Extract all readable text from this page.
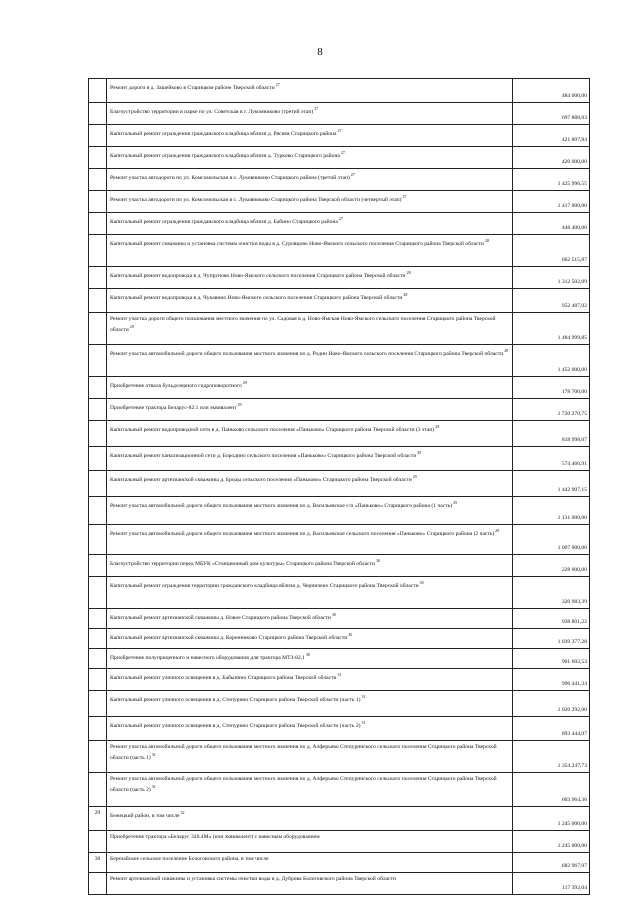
8
	Ремонт дороги в д. Зашейково в Старицком районе Тверской области$^{27}$	484 000,00
	Благоустройство территории в парке по ул. Советская в г. Лукомниково (третий этап)$^{27}$	697 888,03
	Капитальный ремонт ограждения гражданского кладбища вблизи д. Ряснея Старицкого района$^{27}$	421 807,84
	Капитальный ремонт ограждения гражданского кладбища вблизи д. Турково Старицкого района$^{27}$	420 000,00
	Ремонт участка автодороги по ул. Комсомольская в с. Луковниково Старицкого района (третий этап)$^{27}$	1 425 996,55
	Ремонт участка автодороги по ул. Комсомольская в с. Луковниково Старицкого района Тверской области (четвертый этап)$^{27}$	1 417 000,00
	Капитальный ремонт ограждения гражданского кладбища вблизи д. Бабино Старицкого района$^{27}$	448 400,00
	Капитальный ремонт скважины и установка системы очистки воды в д. Суровцово Ново-Ямского сельского поселения Старицкого района Тверской области$^{28}$	662 515,87
	Капитальный ремонт водопровода в д. Чупруново Ново-Ямского сельского поселения Старицкого района Тверской области$^{28}$	1 312 502,09
	Капитальный ремонт водопровода в д. Чукавино Ново-Ямского сельского поселения Старицкого района Тверской области$^{28}$	952 487,02
	Ремонт участка дороги общего пользования местного значения по ул. Садовая в д. Ново-Ямская Ново-Ямского сельского поселения Старицкого района Тверской области$^{28}$	1 484 999,85
	Ремонт участка автомобильной дороги общего пользования местного значения по д. Родни Ново-Ямского сельского поселения Старицкого района Тверской области$^{28}$	1 452 000,00
	Приобретение отвала бульдозерного гидроповоротного$^{29}$	178 700,00
	Приобретение трактора Беларус-82.1 или эквивалент$^{29}$	1 720 270,75
	Капитальный ремонт водопроводной сети в д. Паньково сельского поселения «Паньково» Старицкого района Тверской области (3 этап)$^{29}$	818 998,07
	Капитальный ремонт канализационной сети д. Бородино сельского поселения «Паньково» Старицкого района Тверской области$^{29}$	574 460,91
	Капитальный ремонт артезианской скважины д. Броды сельского поселения «Паньково» Старицкого района Тверской области$^{29}$	1 442 907,15
	Ремонт участка автомобильной дороги общего пользования местного значения по д. Васильевское с/п «Паньково» Старицкого района (1 часть)$^{29}$	1 131 000,00
	Ремонт участка автомобильной дороги общего пользования местного значения по д. Васильевское сельского поселения «Паньково» Старицкого района (2 часть)$^{29}$	1 007 000,00
	Благоустройство территории перед МБУК «Станционный дом культуры» Старицкого района Тверской области$^{30}$	228 000,00
	Капитальный ремонт ограждения территории гражданского кладбища вблизи д. Черничено Старицкого района Тверской области$^{30}$	320 983,39
	Капитальный ремонт артезианской скважины д. Новое Старицкого района Тверской области$^{30}$	938 801,22
	Капитальный ремонт артезианской скважины д. Коренниково Старицкого района Тверской области$^{30}$	1 039 377,28
	Приобретение полуприцепного и навесного оборудования для трактора МТЗ-82.1$^{30}$	901 602,53
	Капитальный ремонт уличного освещения в д. Бабынино Старицкого района Тверской области$^{31}$	996 441,34
	Капитальный ремонт уличного освещения в д. Степурино Старицкого района Тверской области (часть 1)$^{31}$	1 020 292,00
	Капитальный ремонт уличного освещения в д. Степурино Старицкого района Тверской области (часть 2)$^{31}$	893 444,07
	Ремонт участка автомобильной дороги общего пользования местного значения по д. Алферьево Степуринского сельского поселения Старицкого района Тверской области (часть 1)$^{31}$	1 354 247,73
	Ремонт участка автомобильной дороги общего пользования местного значения по д. Алферьево Степуринского сельского поселения Старицкого района Тверской области (часть 2)$^{31}$	603 964,36
29	Бежецкий район, в том числе$^{32}$	1 245 000,00
	Приобретение трактора «Беларус 320.4М» (или эквивалент) с навесным оборудованием	1 245 000,00
30	Березайское сельское поселение Бологовского района, в том числе	682 967,07
	Ремонт артезианской скважины и установка системы очистки воды в д. Дуброва Бологовского района Тверской области	117 392,04
